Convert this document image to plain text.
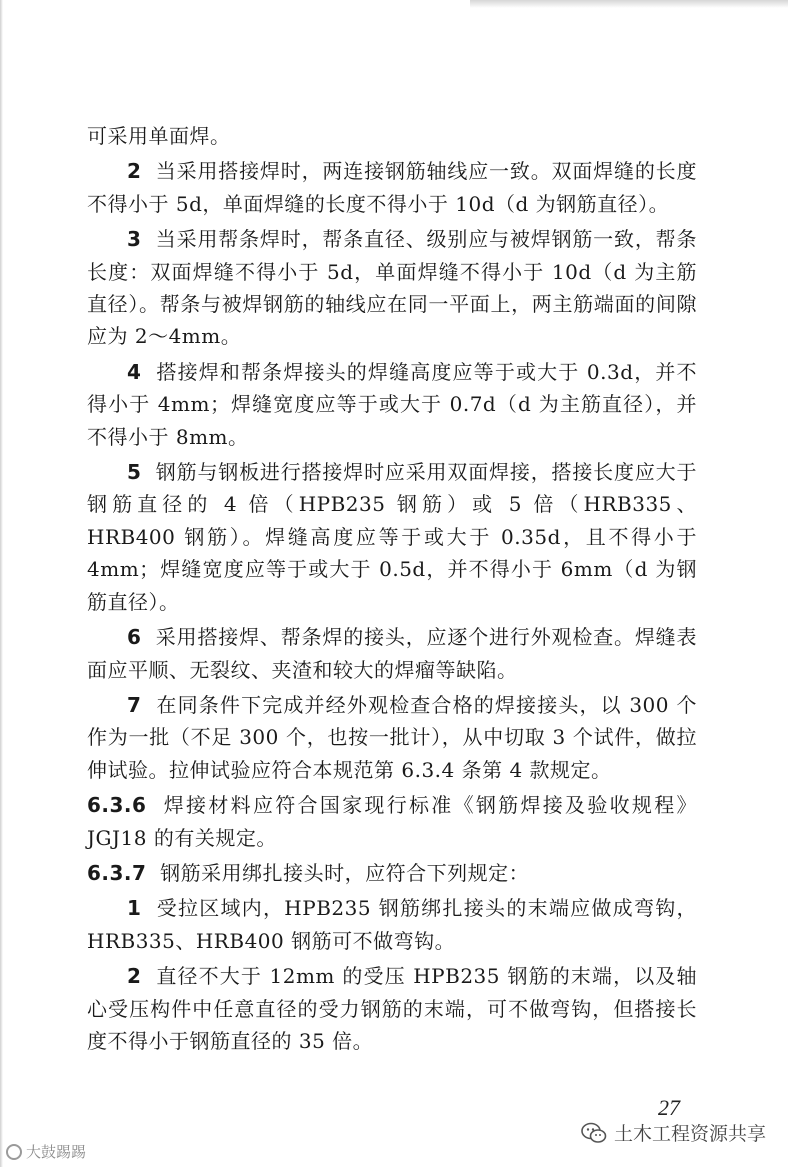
可采用单面焊。

2 当采用搭接焊时，两连接钢筋轴线应一致。双面焊缝的长度不得小于 5d，单面焊缝的长度不得小于 10d（d 为钢筋直径）。

3 当采用帮条焊时，帮条直径、级别应与被焊钢筋一致，帮条长度：双面焊缝不得小于 5d，单面焊缝不得小于 10d（d 为主筋直径）。帮条与被焊钢筋的轴线应在同一平面上，两主筋端面的间隙应为 2～4mm。

4 搭接焊和帮条焊接头的焊缝高度应等于或大于 0.3d，并不得小于 4mm；焊缝宽度应等于或大于 0.7d（d 为主筋直径），并不得小于 8mm。

5 钢筋与钢板进行搭接焊时应采用双面焊接，搭接长度应大于钢筋直径的 4 倍（HPB235 钢筋）或 5 倍（HRB335、HRB400 钢筋）。焊缝高度应等于或大于 0.35d，且不得小于 4mm；焊缝宽度应等于或大于 0.5d，并不得小于 6mm（d 为钢筋直径）。

6 采用搭接焊、帮条焊的接头，应逐个进行外观检查。焊缝表面应平顺、无裂纹、夹渣和较大的焊瘤等缺陷。

7 在同条件下完成并经外观检查合格的焊接接头，以 300 个作为一批（不足 300 个，也按一批计），从中切取 3 个试件，做拉伸试验。拉伸试验应符合本规范第 6.3.4 条第 4 款规定。

6.3.6 焊接材料应符合国家现行标准《钢筋焊接及验收规程》JGJ18 的有关规定。

6.3.7 钢筋采用绑扎接头时，应符合下列规定：

1 受拉区域内，HPB235 钢筋绑扎接头的末端应做成弯钩，HRB335、HRB400 钢筋可不做弯钩。

2 直径不大于 12mm 的受压 HPB235 钢筋的末端，以及轴心受压构件中任意直径的受力钢筋的末端，可不做弯钩，但搭接长度不得小于钢筋直径的 35 倍。

27
大鼓踢踢
土木工程资源共享
